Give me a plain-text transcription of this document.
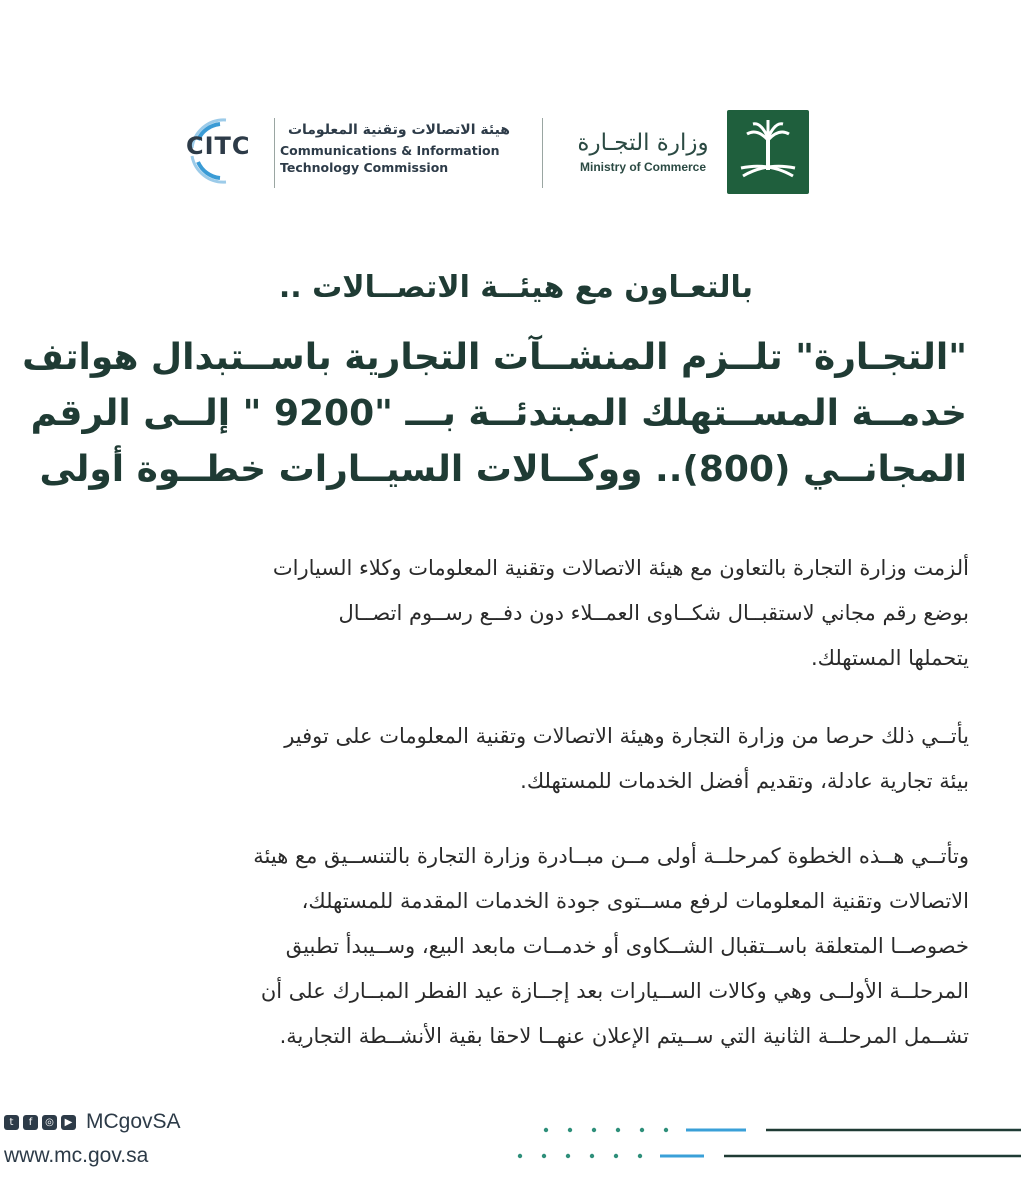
CITC
هيئة الاتصالات وتقنية المعلومات
Communications & Information
Technology Commission
وزارة التجـارة
Ministry of Commerce
بالتعـاون مع هيئــة الاتصــالات ..
"التجـارة" تلــزم المنشــآت التجارية باســتبدال هواتف
خدمــة المســتهلك المبتدئــة بـــ "9200 " إلــى الرقم
المجانــي (800).. ووكــالات السيــارات خطــوة أولى
ألزمت وزارة التجارة بالتعاون مع هيئة الاتصالات وتقنية المعلومات وكلاء السيارات
بوضع رقم مجاني لاستقبــال شكــاوى العمــلاء دون دفــع رســوم اتصــال
يتحملها المستهلك.
يأتــي ذلك حرصا من وزارة التجارة وهيئة الاتصالات وتقنية المعلومات على توفير
بيئة تجارية عادلة، وتقديم أفضل الخدمات للمستهلك.
وتأتــي هــذه الخطوة كمرحلــة أولى مــن مبــادرة وزارة التجارة بالتنســيق مع هيئة
الاتصالات وتقنية المعلومات لرفع مســتوى جودة الخدمات المقدمة للمستهلك،
خصوصــا المتعلقة باســتقبال الشــكاوى أو خدمــات مابعد البيع، وســيبدأ تطبيق
المرحلــة الأولــى وهي وكالات الســيارات بعد إجــازة عيد الفطر المبــارك على أن
تشــمل المرحلــة الثانية التي ســيتم الإعلان عنهــا لاحقا بقية الأنشــطة التجارية.
t	f	◎	▶ MCgovSA
www.mc.gov.sa
